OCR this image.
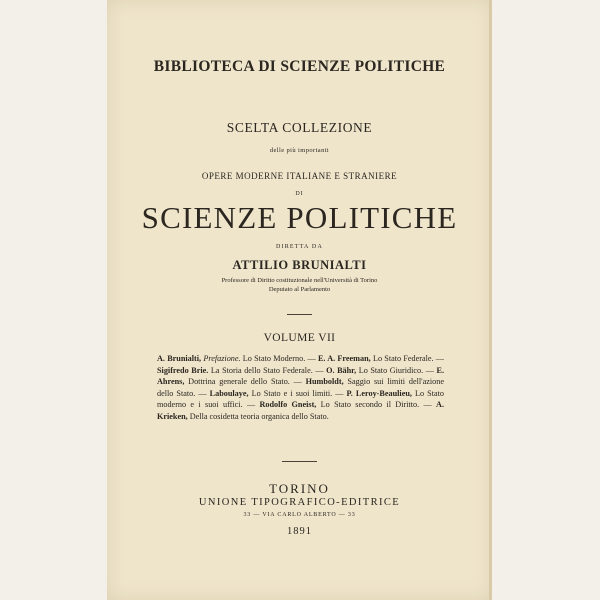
BIBLIOTECA DI SCIENZE POLITICHE
SCELTA COLLEZIONE
delle più importanti
OPERE MODERNE ITALIANE E STRANIERE
DI
SCIENZE POLITICHE
DIRETTA DA
ATTILIO BRUNIALTI
Professore di Diritto costituzionale nell'Università di Torino
Deputato al Parlamento
VOLUME VII
A. Brunialti, Prefazione. Lo Stato Moderno. — E. A. Freeman, Lo Stato Federale. — Sigifredo Brie. La Storia dello Stato Federale. — O. Bähr, Lo Stato Giuridico. — E. Ahrens, Dottrina generale dello Stato. — Humboldt, Saggio sui limiti dell'azione dello Stato. — Laboulaye, Lo Stato e i suoi limiti. — P. Leroy-Beaulieu, Lo Stato moderno e i suoi uffici. — Rodolfo Gneist, Lo Stato secondo il Diritto. — A. Krieken, Della cosidetta teoria organica dello Stato.
TORINO
UNIONE TIPOGRAFICO-EDITRICE
33 — VIA CARLO ALBERTO — 33
1891
